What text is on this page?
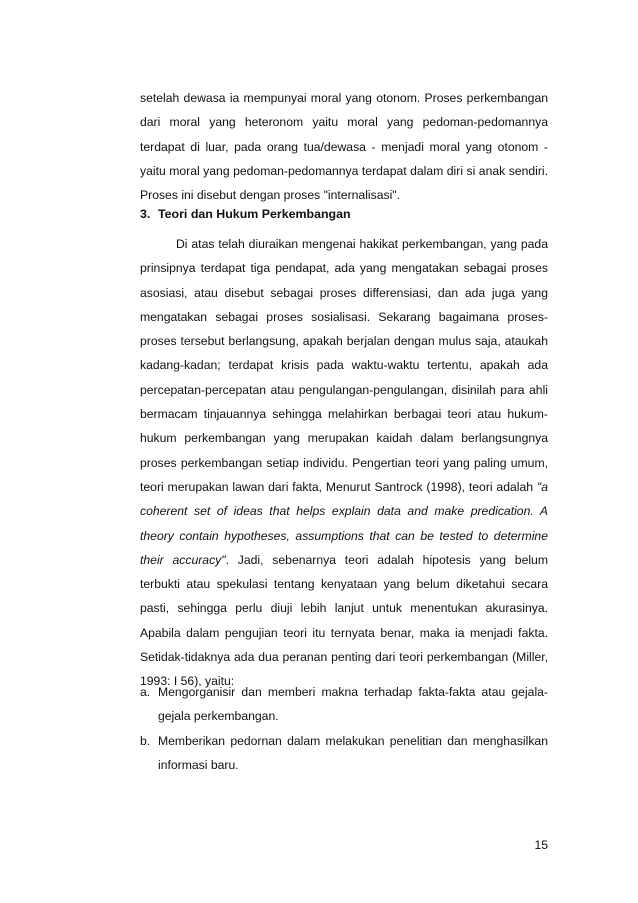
setelah dewasa ia mempunyai moral yang otonom. Proses perkembangan dari moral yang heteronom yaitu moral yang pedoman-pedomannya terdapat di luar, pada orang tua/dewasa - menjadi moral yang otonom - yaitu moral yang pedoman-pedomannya terdapat dalam diri si anak sendiri. Proses ini disebut dengan proses "internalisasi".

3. Teori dan Hukum Perkembangan

Di atas telah diuraikan mengenai hakikat perkembangan, yang pada prinsipnya terdapat tiga pendapat, ada yang mengatakan sebagai proses asosiasi, atau disebut sebagai proses differensiasi, dan ada juga yang mengatakan sebagai proses sosialisasi. Sekarang bagaimana proses-proses tersebut berlangsung, apakah berjalan dengan mulus saja, ataukah kadang-kadan; terdapat krisis pada waktu-waktu tertentu, apakah ada percepatan-percepatan atau pengulangan-pengulangan, disinilah para ahli bermacam tinjauannya sehingga melahirkan berbagai teori atau hukum-hukum perkembangan yang merupakan kaidah dalam berlangsungnya proses perkembangan setiap individu. Pengertian teori yang paling umum, teori merupakan lawan dari fakta, Menurut Santrock (1998), teori adalah "a coherent set of ideas that helps explain data and make predication. A theory contain hypotheses, assumptions that can be tested to determine their accuracy". Jadi, sebenarnya teori adalah hipotesis yang belum terbukti atau spekulasi tentang kenyataan yang belum diketahui secara pasti, sehingga perlu diuji lebih lanjut untuk menentukan akurasinya. Apabila dalam pengujian teori itu ternyata benar, maka ia menjadi fakta. Setidak-tidaknya ada dua peranan penting dari teori perkembangan (Miller, 1993: I 56), yaitu:

a. Mengorganisir dan memberi makna terhadap fakta-fakta atau gejala-gejala perkembangan.
b. Memberikan pedornan dalam melakukan penelitian dan menghasilkan informasi baru.
15
